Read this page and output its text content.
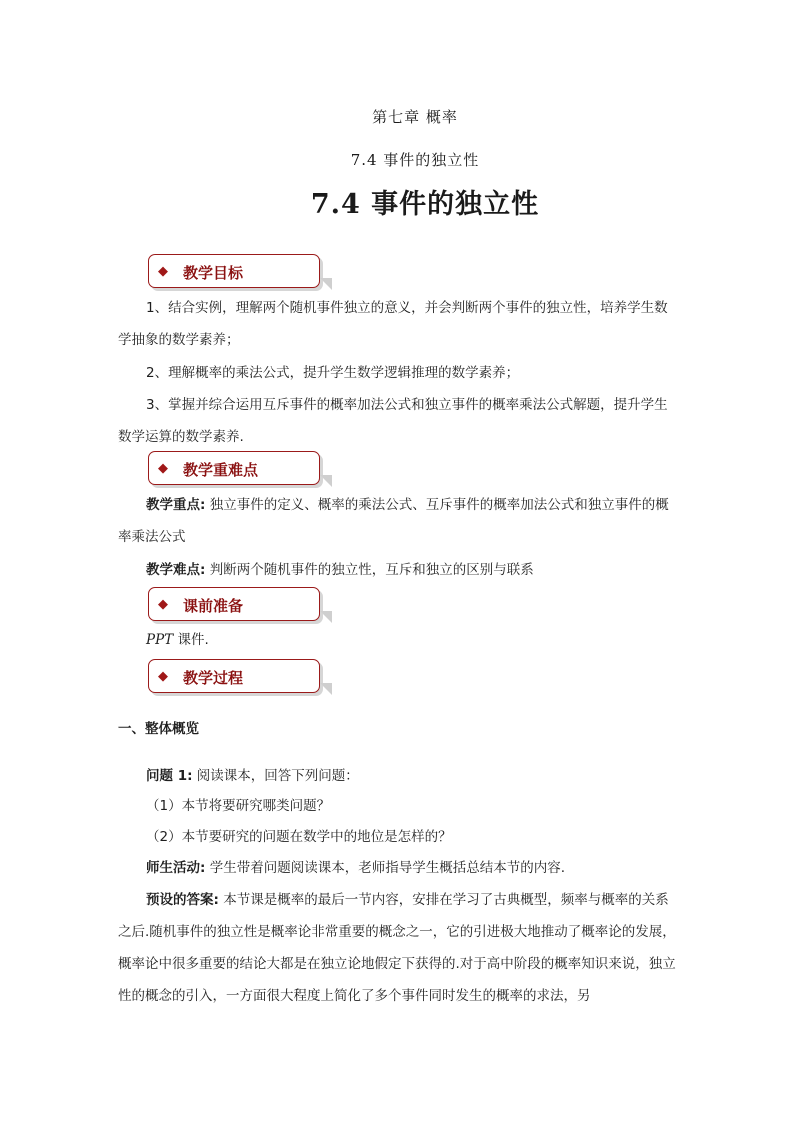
第七章 概率
7.4 事件的独立性
7.4 事件的独立性
◆ 教学目标
1、结合实例，理解两个随机事件独立的意义，并会判断两个事件的独立性，培养学生数学抽象的数学素养；
2、理解概率的乘法公式，提升学生数学逻辑推理的数学素养；
3、掌握并综合运用互斥事件的概率加法公式和独立事件的概率乘法公式解题，提升学生数学运算的数学素养.
◆ 教学重难点
教学重点: 独立事件的定义、概率的乘法公式、互斥事件的概率加法公式和独立事件的概率乘法公式
教学难点: 判断两个随机事件的独立性，互斥和独立的区别与联系
◆ 课前准备
PPT 课件.
◆ 教学过程
一、整体概览
问题 1: 阅读课本，回答下列问题：
（1）本节将要研究哪类问题？
（2）本节要研究的问题在数学中的地位是怎样的？
师生活动: 学生带着问题阅读课本，老师指导学生概括总结本节的内容.
预设的答案: 本节课是概率的最后一节内容，安排在学习了古典概型，频率与概率的关系之后.随机事件的独立性是概率论非常重要的概念之一，它的引进极大地推动了概率论的发展，概率论中很多重要的结论大都是在独立论地假定下获得的.对于高中阶段的概率知识来说，独立性的概念的引入，一方面很大程度上简化了多个事件同时发生的概率的求法，另
